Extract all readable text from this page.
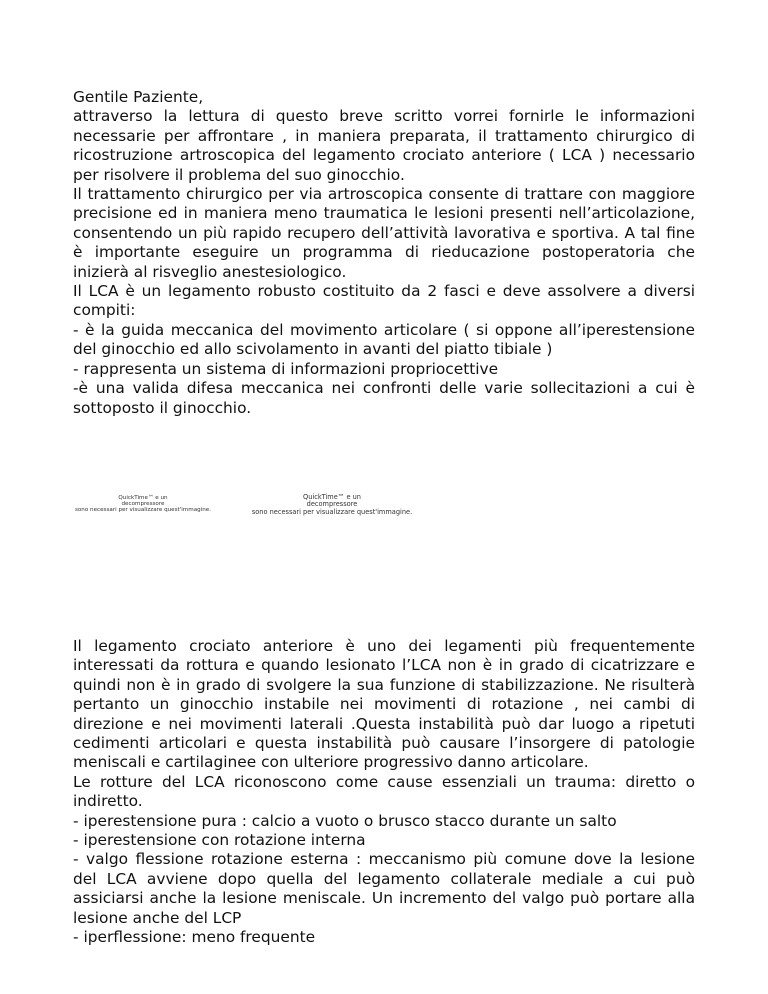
Gentile Paziente,

attraverso la lettura di questo breve scritto vorrei fornirle le informazioni necessarie per affrontare , in maniera preparata, il trattamento chirurgico di ricostruzione artroscopica del legamento crociato anteriore ( LCA ) necessario per risolvere il problema del suo ginocchio.

Il trattamento chirurgico per via artroscopica consente di trattare con maggiore precisione ed in maniera meno traumatica le lesioni presenti nell’articolazione, consentendo un più rapido recupero dell’attività lavorativa e sportiva. A tal fine è importante eseguire un programma di rieducazione postoperatoria che inizierà al risveglio anestesiologico.

Il LCA è un legamento robusto costituito da 2 fasci e deve assolvere a diversi compiti:

- è la guida meccanica del movimento articolare ( si oppone all’iperestensione del ginocchio ed allo scivolamento in avanti del piatto tibiale )

- rappresenta un sistema di informazioni propriocettive

-è una valida difesa meccanica nei confronti delle varie sollecitazioni a cui è sottoposto il ginocchio.

QuickTime™ e un
decompressore
sono necessari per visualizzare quest'immagine.
QuickTime™ e un
decompressore
sono necessari per visualizzare quest'immagine.

Il legamento crociato anteriore è uno dei legamenti più frequentemente interessati da rottura e quando lesionato l’LCA non è in grado di cicatrizzare e quindi non è in grado di svolgere la sua funzione di stabilizzazione. Ne risulterà pertanto un ginocchio instabile nei movimenti di rotazione , nei cambi di direzione e nei movimenti laterali .Questa instabilità può dar luogo a ripetuti cedimenti articolari e questa instabilità può causare l’insorgere di patologie meniscali e cartilaginee con ulteriore progressivo danno articolare.

Le rotture del LCA riconoscono come cause essenziali un trauma: diretto o indiretto.

- iperestensione pura : calcio a vuoto o brusco stacco durante un salto

- iperestensione con rotazione interna

- valgo flessione rotazione esterna : meccanismo più comune dove la lesione del LCA avviene dopo quella del legamento collaterale mediale a cui può assiciarsi anche la lesione meniscale. Un incremento del valgo può portare alla lesione anche del LCP

- iperflessione: meno frequente
